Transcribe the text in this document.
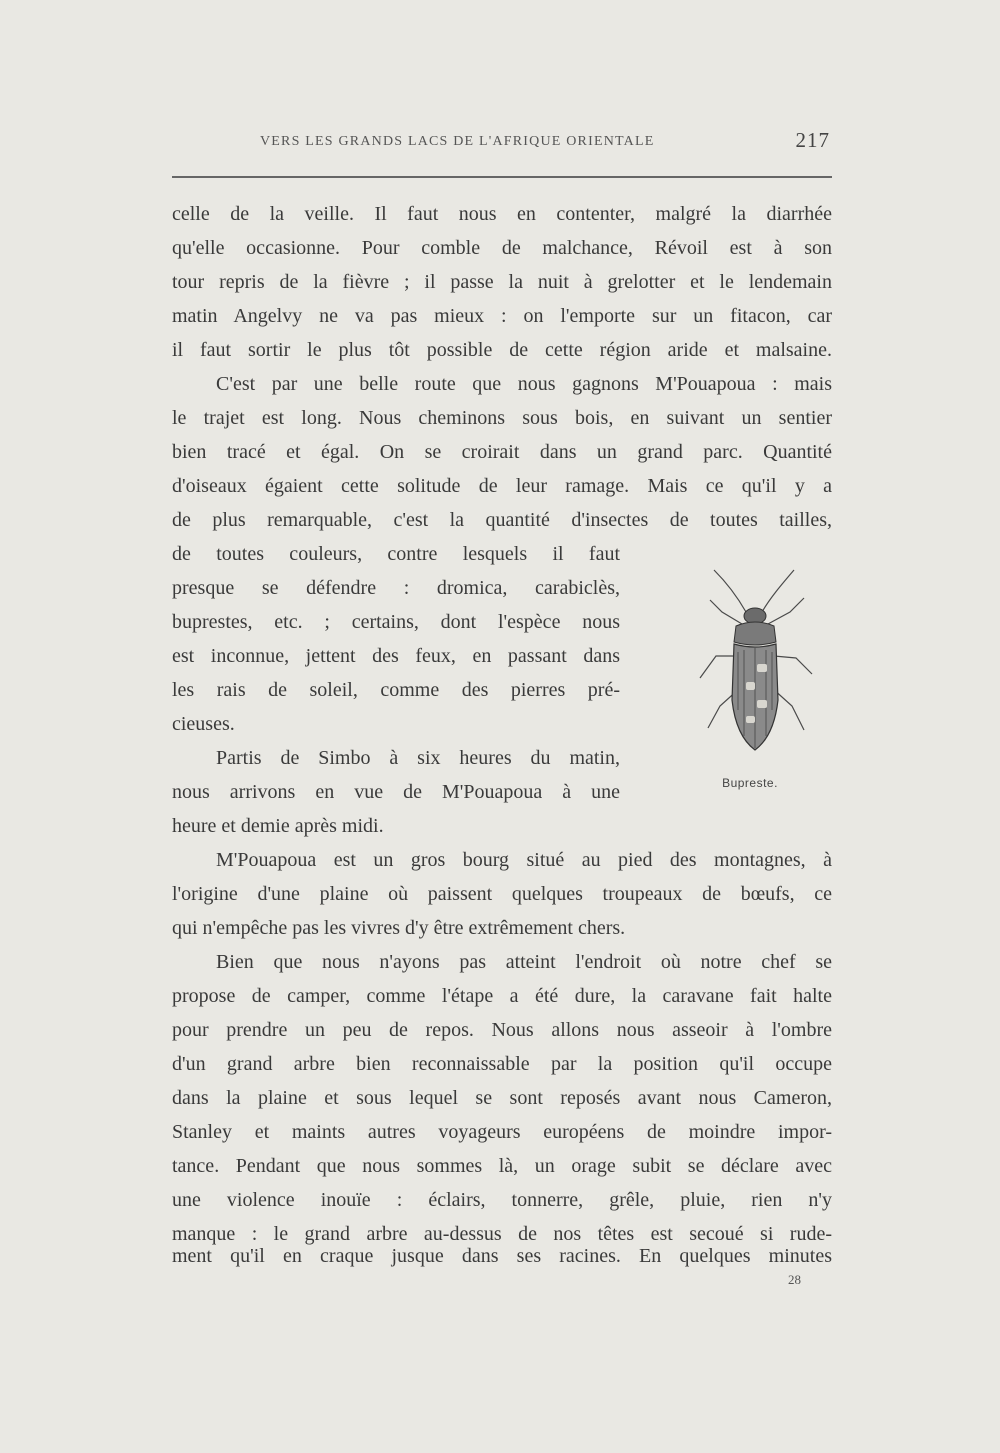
VERS LES GRANDS LACS DE L'AFRIQUE ORIENTALE	217
celle de la veille. Il faut nous en contenter, malgré la diarrhée
qu'elle occasionne. Pour comble de malchance, Révoil est à son
tour repris de la fièvre ; il passe la nuit à grelotter et le lendemain
matin Angelvy ne va pas mieux : on l'emporte sur un fitacon, car
il faut sortir le plus tôt possible de cette région aride et malsaine.
C'est par une belle route que nous gagnons M'Pouapoua : mais
le trajet est long. Nous cheminons sous bois, en suivant un sentier
bien tracé et égal. On se croirait dans un grand parc. Quantité
d'oiseaux égaient cette solitude de leur ramage. Mais ce qu'il y a
de plus remarquable, c'est la quantité d'insectes de toutes tailles,
de toutes couleurs, contre lesquels il faut
presque se défendre : dromica, carabiclès,
buprestes, etc. ; certains, dont l'espèce nous
est inconnue, jettent des feux, en passant dans
les rais de soleil, comme des pierres pré-
cieuses.
Partis de Simbo à six heures du matin,
nous arrivons en vue de M'Pouapoua à une
heure et demie après midi.
M'Pouapoua est un gros bourg situé au pied des montagnes, à
l'origine d'une plaine où paissent quelques troupeaux de bœufs, ce
qui n'empêche pas les vivres d'y être extrêmement chers.
Bien que nous n'ayons pas atteint l'endroit où notre chef se
propose de camper, comme l'étape a été dure, la caravane fait halte
pour prendre un peu de repos. Nous allons nous asseoir à l'ombre
d'un grand arbre bien reconnaissable par la position qu'il occupe
dans la plaine et sous lequel se sont reposés avant nous Cameron,
Stanley et maints autres voyageurs européens de moindre impor-
tance. Pendant que nous sommes là, un orage subit se déclare avec
une violence inouïe : éclairs, tonnerre, grêle, pluie, rien n'y
manque : le grand arbre au-dessus de nos têtes est secoué si rude-
ment qu'il en craque jusque dans ses racines. En quelques minutes
Bupreste.
28
